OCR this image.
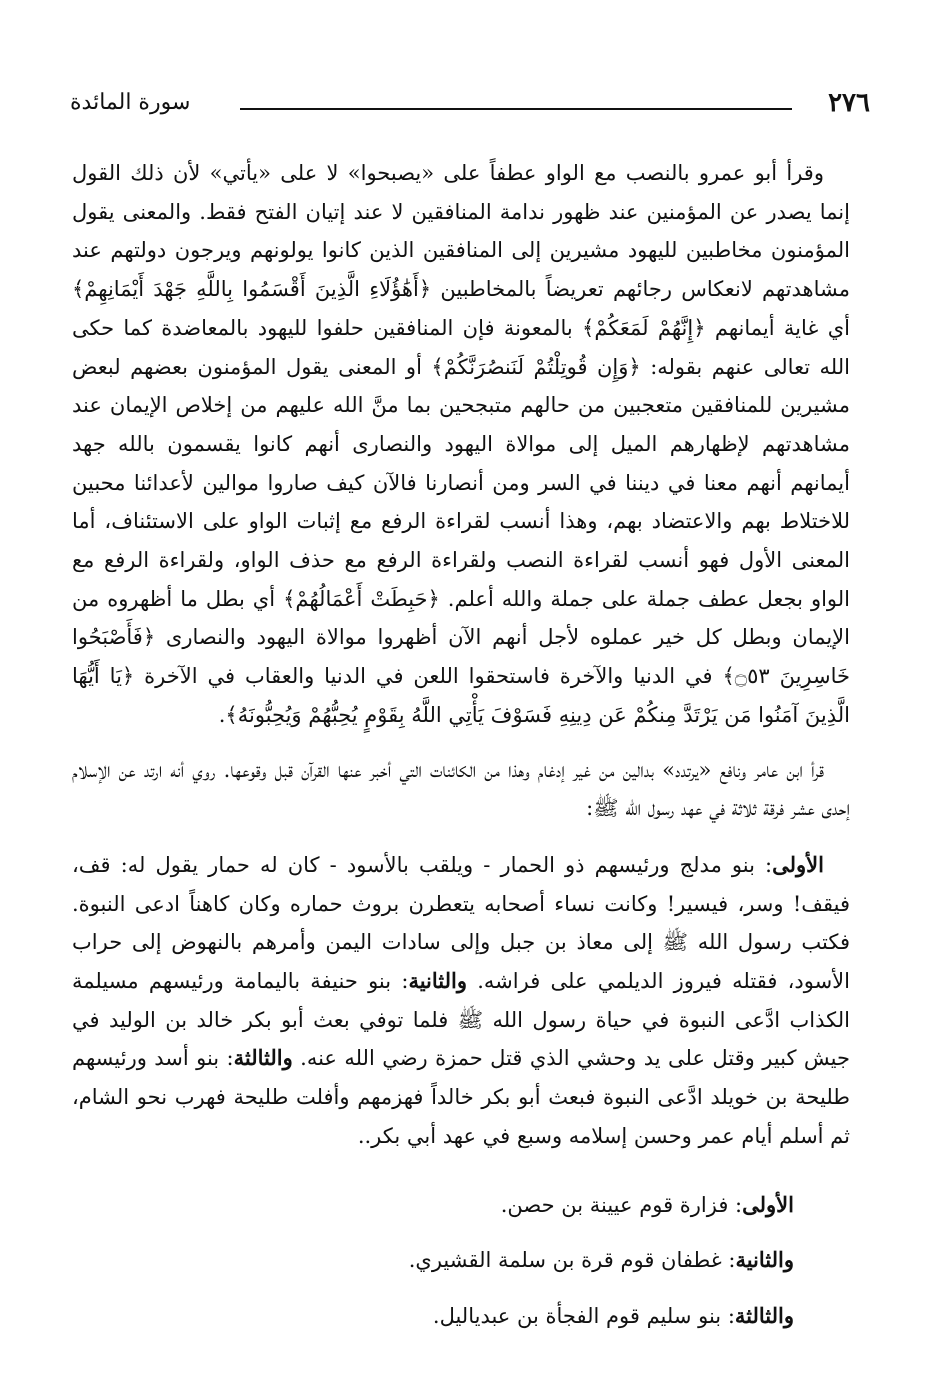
٢٧٦
سورة المائدة

وقرأ أبو عمرو بالنصب مع الواو عطفاً على «يصبحوا» لا على «يأتي» لأن ذلك القول إنما يصدر عن المؤمنين عند ظهور ندامة المنافقين لا عند إتيان الفتح فقط. والمعنى يقول المؤمنون مخاطبين لليهود مشيرين إلى المنافقين الذين كانوا يولونهم ويرجون دولتهم عند مشاهدتهم لانعكاس رجائهم تعريضاً بالمخاطبين ﴿أَهَٰؤُلَاءِ الَّذِينَ أَقْسَمُوا بِاللَّهِ جَهْدَ أَيْمَانِهِمْ﴾ أي غاية أيمانهم ﴿إِنَّهُمْ لَمَعَكُمْ﴾ بالمعونة فإن المنافقين حلفوا لليهود بالمعاضدة كما حكى الله تعالى عنهم بقوله: ﴿وَإِن قُوتِلْتُمْ لَنَنصُرَنَّكُمْ﴾ أو المعنى يقول المؤمنون بعضهم لبعض مشيرين للمنافقين متعجبين من حالهم متبجحين بما منَّ الله عليهم من إخلاص الإيمان عند مشاهدتهم لإظهارهم الميل إلى موالاة اليهود والنصارى أنهم كانوا يقسمون بالله جهد أيمانهم أنهم معنا في ديننا في السر ومن أنصارنا فالآن كيف صاروا موالين لأعدائنا محبين للاختلاط بهم والاعتضاد بهم، وهذا أنسب لقراءة الرفع مع إثبات الواو على الاستئناف، أما المعنى الأول فهو أنسب لقراءة النصب ولقراءة الرفع مع حذف الواو، ولقراءة الرفع مع الواو بجعل عطف جملة على جملة والله أعلم. ﴿حَبِطَتْ أَعْمَالُهُمْ﴾ أي بطل ما أظهروه من الإيمان وبطل كل خير عملوه لأجل أنهم الآن أظهروا موالاة اليهود والنصارى ﴿فَأَصْبَحُوا خَاسِرِينَ ۝٥٣﴾ في الدنيا والآخرة فاستحقوا اللعن في الدنيا والعقاب في الآخرة ﴿يَا أَيُّهَا الَّذِينَ آمَنُوا مَن يَرْتَدَّ مِنكُمْ عَن دِينِهِ فَسَوْفَ يَأْتِي اللَّهُ بِقَوْمٍ يُحِبُّهُمْ وَيُحِبُّونَهُ﴾.

قرأ ابن عامر ونافع «يرتدد» بدالين من غير إدغام وهذا من الكائنات التي أخبر عنها القرآن قبل وقوعها. روي أنه ارتد عن الإسلام إحدى عشر فرقة ثلاثة في عهد رسول الله ﷺ:

الأولى: بنو مدلج ورئيسهم ذو الحمار - ويلقب بالأسود - كان له حمار يقول له: قف، فيقف! وسر، فيسير! وكانت نساء أصحابه يتعطرن بروث حماره وكان كاهناً ادعى النبوة. فكتب رسول الله ﷺ إلى معاذ بن جبل وإلى سادات اليمن وأمرهم بالنهوض إلى حراب الأسود، فقتله فيروز الديلمي على فراشه. والثانية: بنو حنيفة باليمامة ورئيسهم مسيلمة الكذاب ادَّعى النبوة في حياة رسول الله ﷺ فلما توفي بعث أبو بكر خالد بن الوليد في جيش كبير وقتل على يد وحشي الذي قتل حمزة رضي الله عنه. والثالثة: بنو أسد ورئيسهم طليحة بن خويلد ادَّعى النبوة فبعث أبو بكر خالداً فهزمهم وأفلت طليحة فهرب نحو الشام، ثم أسلم أيام عمر وحسن إسلامه وسبع في عهد أبي بكر..

الأولى: فزارة قوم عيينة بن حصن.

والثانية: غطفان قوم قرة بن سلمة القشيري.

والثالثة: بنو سليم قوم الفجأة بن عبدياليل.
